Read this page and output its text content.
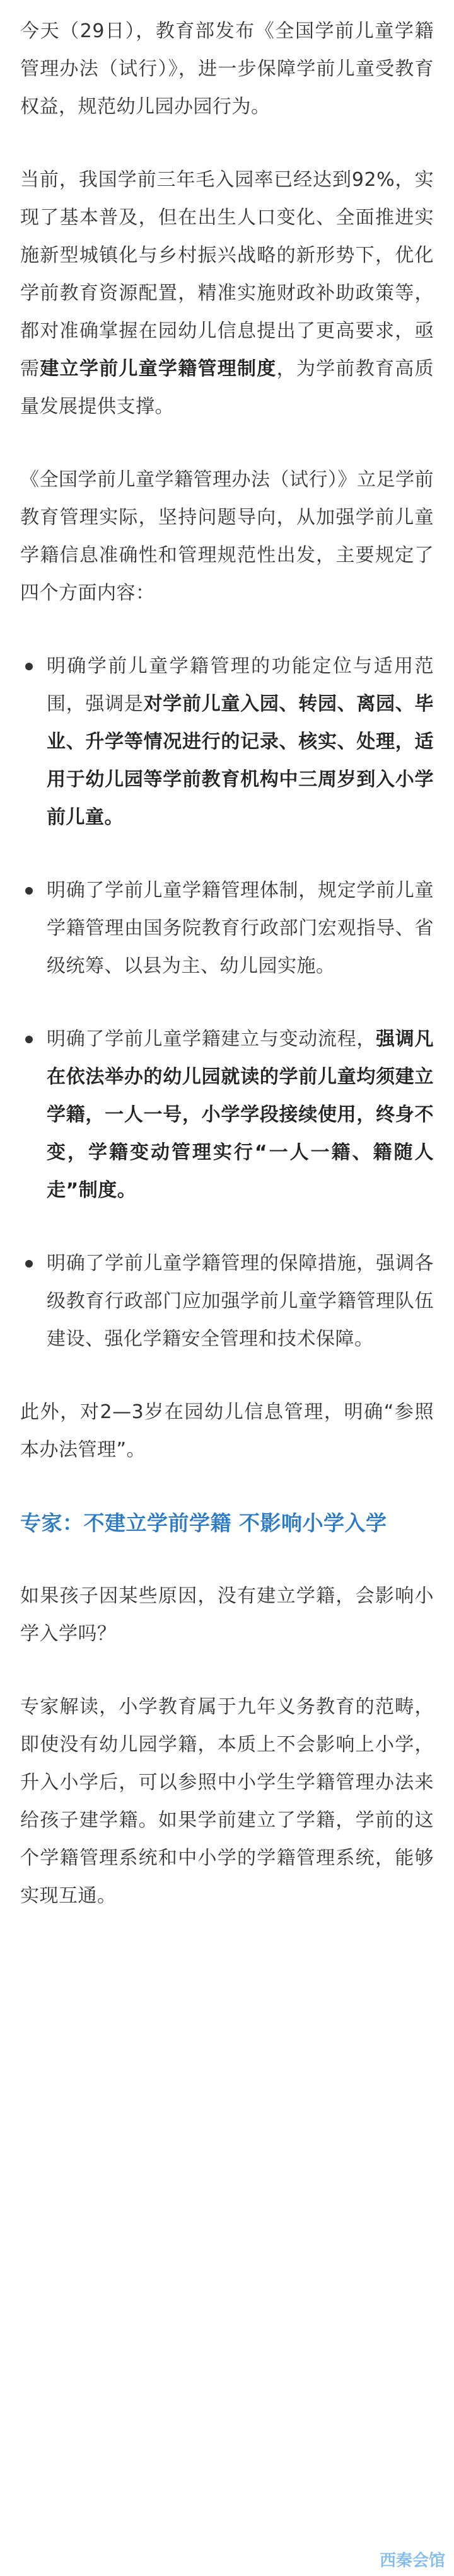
今天（29日），教育部发布《全国学前儿童学籍管理办法（试行）》，进一步保障学前儿童受教育权益，规范幼儿园办园行为。

当前，我国学前三年毛入园率已经达到92%，实现了基本普及，但在出生人口变化、全面推进实施新型城镇化与乡村振兴战略的新形势下，优化学前教育资源配置，精准实施财政补助政策等，都对准确掌握在园幼儿信息提出了更高要求，亟需建立学前儿童学籍管理制度，为学前教育高质量发展提供支撑。

《全国学前儿童学籍管理办法（试行）》立足学前教育管理实际，坚持问题导向，从加强学前儿童学籍信息准确性和管理规范性出发，主要规定了四个方面内容：

明确学前儿童学籍管理的功能定位与适用范围，强调是对学前儿童入园、转园、离园、毕业、升学等情况进行的记录、核实、处理，适用于幼儿园等学前教育机构中三周岁到入小学前儿童。
明确了学前儿童学籍管理体制，规定学前儿童学籍管理由国务院教育行政部门宏观指导、省级统筹、以县为主、幼儿园实施。
明确了学前儿童学籍建立与变动流程，强调凡在依法举办的幼儿园就读的学前儿童均须建立学籍，一人一号，小学学段接续使用，终身不变，学籍变动管理实行“一人一籍、籍随人走”制度。
明确了学前儿童学籍管理的保障措施，强调各级教育行政部门应加强学前儿童学籍管理队伍建设、强化学籍安全管理和技术保障。

此外，对2—3岁在园幼儿信息管理，明确“参照本办法管理”。

专家：不建立学前学籍 不影响小学入学

如果孩子因某些原因，没有建立学籍，会影响小学入学吗？

专家解读，小学教育属于九年义务教育的范畴，即使没有幼儿园学籍，本质上不会影响上小学，升入小学后，可以参照中小学生学籍管理办法来给孩子建学籍。如果学前建立了学籍，学前的这个学籍管理系统和中小学的学籍管理系统，能够实现互通。

西秦会馆
